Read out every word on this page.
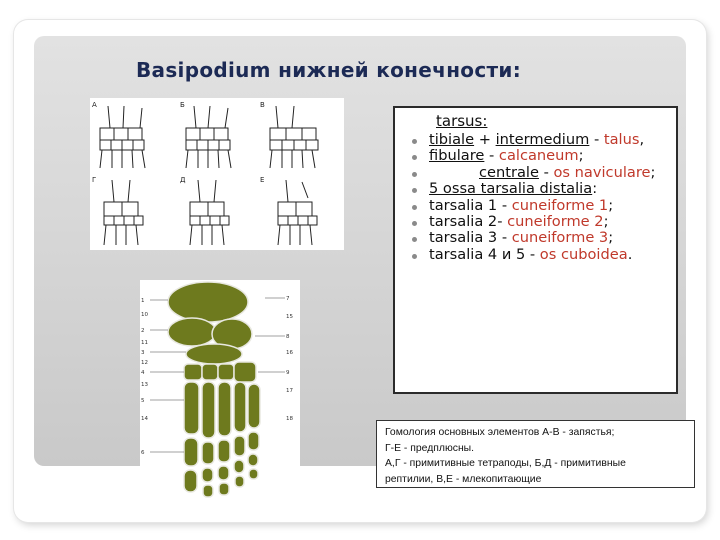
Basipodium нижней конечности:
А	Б	В
Г	Д	Е
1
2
3
4
5
6
7
8
9
10
11
12
13
14
15
16
17
18

tarsus:

tibiale + intermedium - talus,
fibulare - calcaneum;
centrale - os naviculare;
5 ossa tarsalia distalia:
tarsalia 1 - cuneiforme 1;
tarsalia 2- cuneiforme 2;
tarsalia 3 - cuneiforme 3;
tarsalia 4 и 5 - os cuboidea.

Гомология основных элементов А-В - запястья;

Г-Е - предплюсны.

А,Г - примитивные тетраподы, Б,Д - примитивные

рептилии, В,Е - млекопитающие
